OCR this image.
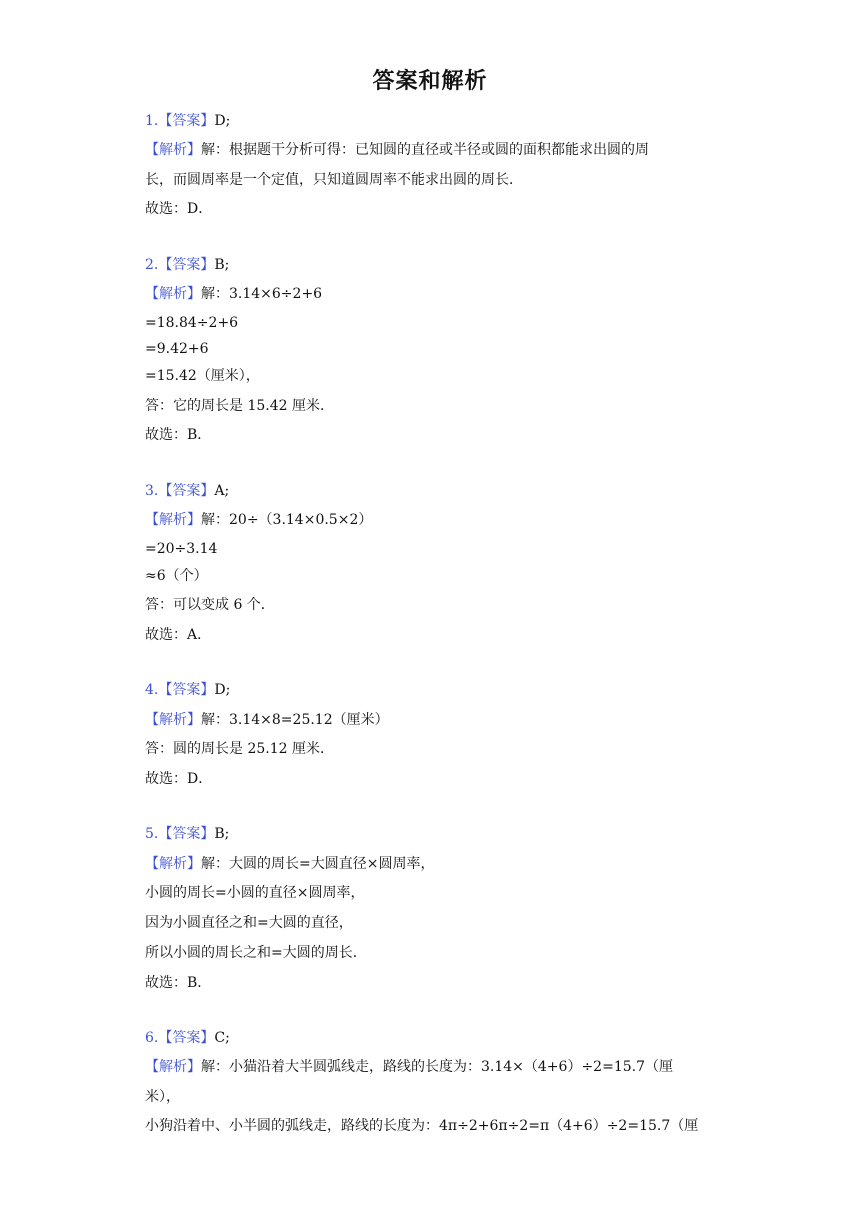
答案和解析
1.【答案】D;
【解析】解：根据题干分析可得：已知圆的直径或半径或圆的面积都能求出圆的周
长，而圆周率是一个定值，只知道圆周率不能求出圆的周长．
故选：D．
2.【答案】B;
【解析】解：3.14×6÷2+6
=18.84÷2+6
=9.42+6
=15.42（厘米），
答：它的周长是 15.42 厘米．
故选：B．
3.【答案】A;
【解析】解：20÷（3.14×0.5×2）
=20÷3.14
≈6（个）
答：可以变成 6 个．
故选：A．
4.【答案】D;
【解析】解：3.14×8=25.12（厘米）
答：圆的周长是 25.12 厘米．
故选：D．
5.【答案】B;
【解析】解：大圆的周长=大圆直径×圆周率，
小圆的周长=小圆的直径×圆周率，
因为小圆直径之和=大圆的直径，
所以小圆的周长之和=大圆的周长．
故选：B．
6.【答案】C;
【解析】解：小猫沿着大半圆弧线走，路线的长度为：3.14×（4+6）÷2=15.7（厘
米），
小狗沿着中、小半圆的弧线走，路线的长度为：4π÷2+6π÷2=π（4+6）÷2=15.7（厘
